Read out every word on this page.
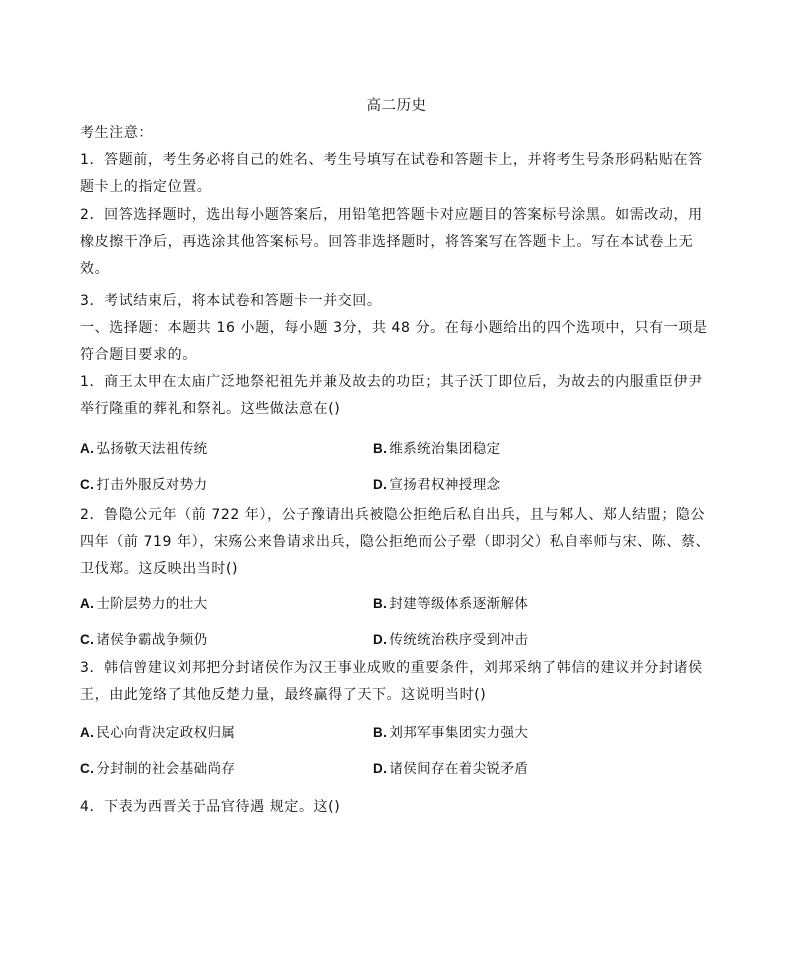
高二历史
考生注意：
1．答题前，考生务必将自己的姓名、考生号填写在试卷和答题卡上，并将考生号条形码粘贴在答
题卡上的指定位置。
2．回答选择题时，选出每小题答案后，用铅笔把答题卡对应题目的答案标号涂黑。如需改动，用
橡皮擦干净后，再选涂其他答案标号。回答非选择题时，将答案写在答题卡上。写在本试卷上无
效。
3．考试结束后，将本试卷和答题卡一并交回。
一、选择题：本题共 16 小题，每小题 3分，共 48 分。在每小题给出的四个选项中，只有一项是
符合题目要求的。
1．商王太甲在太庙广泛地祭祀祖先并兼及故去的功臣；其子沃丁即位后，为故去的内服重臣伊尹
举行隆重的葬礼和祭礼。这些做法意在()
A. 弘扬敬天法祖传统	B. 维系统治集团稳定
C. 打击外服反对势力	D. 宣扬君权神授理念
2．鲁隐公元年（前 722 年），公子豫请出兵被隐公拒绝后私自出兵，且与邾人、郑人结盟；隐公
四年（前 719 年），宋殇公来鲁请求出兵，隐公拒绝而公子翚（即羽父）私自率师与宋、陈、蔡、
卫伐郑。这反映出当时()
A. 士阶层势力的壮大	B. 封建等级体系逐渐解体
C. 诸侯争霸战争频仍	D. 传统统治秩序受到冲击
3．韩信曾建议刘邦把分封诸侯作为汉王事业成败的重要条件，刘邦采纳了韩信的建议并分封诸侯
王，由此笼络了其他反楚力量，最终赢得了天下。这说明当时()
A. 民心向背决定政权归属	B. 刘邦军事集团实力强大
C. 分封制的社会基础尚存	D. 诸侯间存在着尖锐矛盾
4．下表为西晋关于品官待遇 规定。这()
